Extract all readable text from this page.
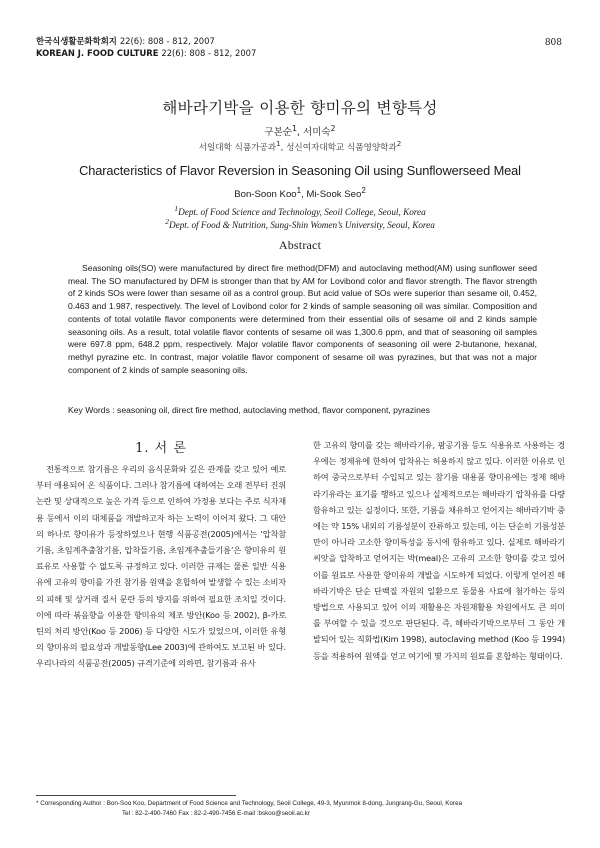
한국식생활문화학회지 22(6): 808 - 812, 2007
KOREAN J. FOOD CULTURE 22(6): 808 - 812, 2007
808
해바라기박을 이용한 향미유의 변향특성
구본순$^1$, 서미숙$^2$
서일대학 식품가공과$^1$, 성신여자대학교 식품영양학과$^2$
Characteristics of Flavor Reversion in Seasoning Oil using Sunflowerseed Meal
Bon-Soon Koo$^1$, Mi-Sook Seo$^2$
$^1$Dept. of Food Science and Technology, Seoil College, Seoul, Korea
$^2$Dept. of Food & Nutrition, Sung-Shin Women’s University, Seoul, Korea
Abstract

Seasoning oils(SO) were manufactured by direct fire method(DFM) and autoclaving method(AM) using sunflower seed meal. The SO manufactured by DFM is stronger than that by AM for Lovibond color and flavor strength. The flavor strength of 2 kinds SOs were lower than sesame oil as a control group. But acid value of SOs were superior than sesame oil, 0.452, 0.463 and 1.987, respectively. The level of Lovibond color for 2 kinds of sample seasoning oil was similar. Composition and contents of total volatile flavor components were determined from their essential oils of sesame oil and 2 kinds sample seasoning oils. As a result, total volatile flavor contents of sesame oil was 1,300.6 ppm, and that of seasoning oil samples were 697.8 ppm, 648.2 ppm, respectively. Major volatile flavor components of seasoning oil were 2-butanone, hexanal, methyl pyrazine etc. In contrast, major volatile flavor component of sesame oil was pyrazines, but that was not a major component of 2 kinds of sample seasoning oils.

Key Words : seasoning oil, direct fire method, autoclaving method, flavor component, pyrazines
1. 서 론

전통적으로 참기름은 우리의 음식문화와 깊은 관계를 갖고 있어 예로부터 애용되어 온 식품이다. 그러나 참기름에 대하여는 오래 전부터 진위논란 및 상대적으로 높은 가격 등으로 인하여 가정용 보다는 주로 식자재용 등에서 이의 대체품을 개발하고자 하는 노력이 이어져 왔다. 그 대안의 하나로 향미유가 등장하였으나 현행 식품공전(2005)에서는 ‘압착참기름, 초임계추출참기름, 압착들기름, 초임계추출들기름’은 향미유의 원료유로 사용할 수 없도록 규정하고 있다. 이러한 규제는 물론 일반 식용유에 고유의 향미를 가진 참기름 원액을 혼합하여 발생할 수 있는 소비자의 피해 및 상거래 질서 문란 등의 방지를 위하여 필요한 조치일 것이다. 이에 따라 볶음향을 이용한 향미유의 제조 방안(Koo 등 2002), β-카로틴의 처리 방안(Koo 등 2006) 등 다양한 시도가 있었으며, 이러한 유형의 향미유의 필요성과 개발동향(Lee 2003)에 관하여도 보고된 바 있다. 우리나라의 식품공전(2005) 규격기준에 의하면, 참기름과 유사

한 고유의 향미를 갖는 해바라기유, 팜공기름 등도 식용유로 사용하는 경우에는 정제유에 한하여 압착유는 허용하지 않고 있다. 이러한 이유로 인하여 중국으로부터 수입되고 있는 참기름 대용품 향미유에는 정제 해바라기유라는 표기를 행하고 있으나 실제적으로는 해바라기 압착유를 다량 함유하고 있는 실정이다. 또한, 기름을 채유하고 얻어지는 해바라기박 중에는 약 15% 내외의 기름성분이 잔류하고 있는데, 이는 단순히 기름성분만이 아니라 고소한 향미특성을 동시에 함유하고 있다. 실제로 해바라기 씨앗을 압착하고 얻어지는 박(meal)은 고유의 고소한 향미를 갖고 있어 이를 원료로 사용한 향미유의 개발을 시도하게 되었다. 이렇게 얻어진 해바라기박은 단순 단백질 자원의 일환으로 동물용 사료에 첨가하는 등의 방법으로 사용되고 있어 이의 재활용은 자원재활용 차원에서도 큰 의미를 부여할 수 있을 것으로 판단된다. 즉, 해바라기박으로부터 그 동안 개발되어 있는 직화법(Kim 1998), autoclaving method (Koo 등 1994) 등을 적용하여 원액을 얻고 여기에 몇 가지의 원료를 혼합하는 형태이다.

* Corresponding Author : Bon-Soo Koo, Department of Food Science and Technology, Seoil College, 49-3, Myunmok 8-dong, Jungrang-Gu, Seoul, Korea
Tel : 82-2-490-7460 Fax : 82-2-490-7456 E-mail :bskoo@seoil.ac.kr
